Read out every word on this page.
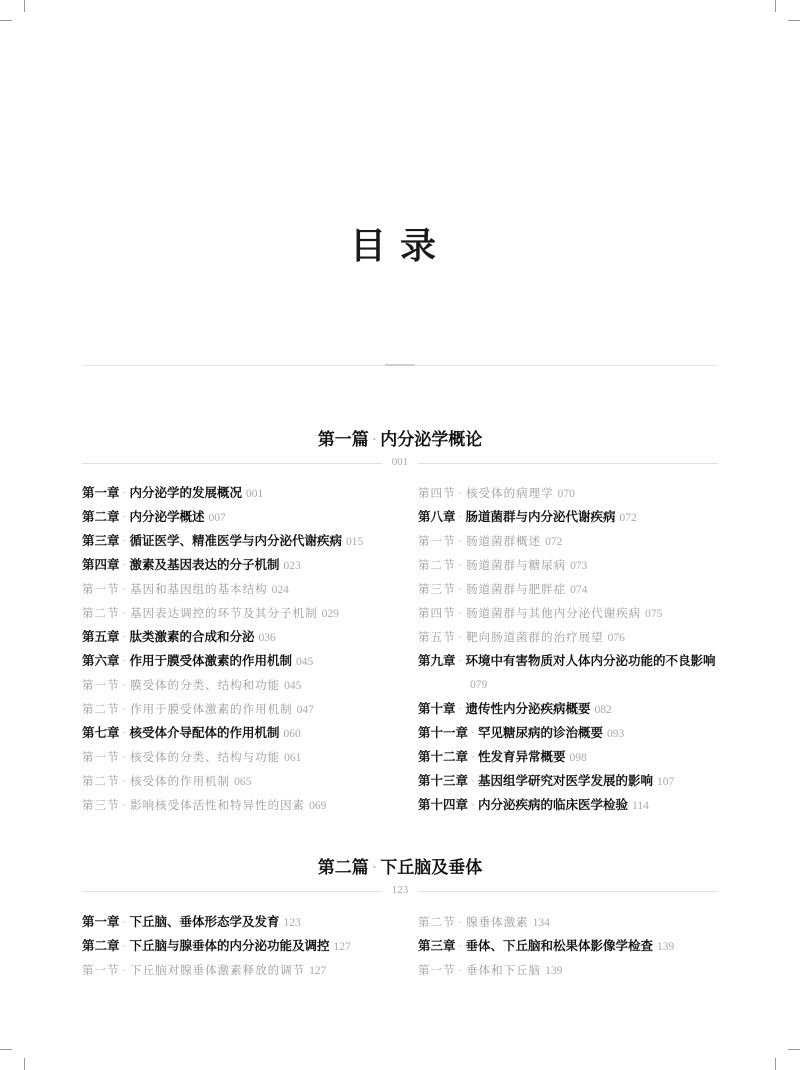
目录
第一篇 · 内分泌学概论
001
第一章 · 内分泌学的发展概况 001
第二章 · 内分泌学概述 007
第三章 · 循证医学、精准医学与内分泌代谢疾病 015
第四章 · 激素及基因表达的分子机制 023
第一节 · 基因和基因组的基本结构 024
第二节 · 基因表达调控的环节及其分子机制 029
第五章 · 肽类激素的合成和分泌 036
第六章 · 作用于膜受体激素的作用机制 045
第一节 · 膜受体的分类、结构和功能 045
第二节 · 作用于膜受体激素的作用机制 047
第七章 · 核受体介导配体的作用机制 060
第一节 · 核受体的分类、结构与功能 061
第二节 · 核受体的作用机制 065
第三节 · 影响核受体活性和特异性的因素 069
第四节 · 核受体的病理学 070
第八章 · 肠道菌群与内分泌代谢疾病 072
第一节 · 肠道菌群概述 072
第二节 · 肠道菌群与糖尿病 073
第三节 · 肠道菌群与肥胖症 074
第四节 · 肠道菌群与其他内分泌代谢疾病 075
第五节 · 靶向肠道菌群的治疗展望 076
第九章 · 环境中有害物质对人体内分泌功能的不良影响
079
第十章 · 遗传性内分泌疾病概要 082
第十一章 · 罕见糖尿病的诊治概要 093
第十二章 · 性发育异常概要 098
第十三章 · 基因组学研究对医学发展的影响 107
第十四章 · 内分泌疾病的临床医学检验 114
第二篇 · 下丘脑及垂体
123
第一章 · 下丘脑、垂体形态学及发育 123
第二章 · 下丘脑与腺垂体的内分泌功能及调控 127
第一节 · 下丘脑对腺垂体激素释放的调节 127
第二节 · 腺垂体激素 134
第三章 · 垂体、下丘脑和松果体影像学检查 139
第一节 · 垂体和下丘脑 139
